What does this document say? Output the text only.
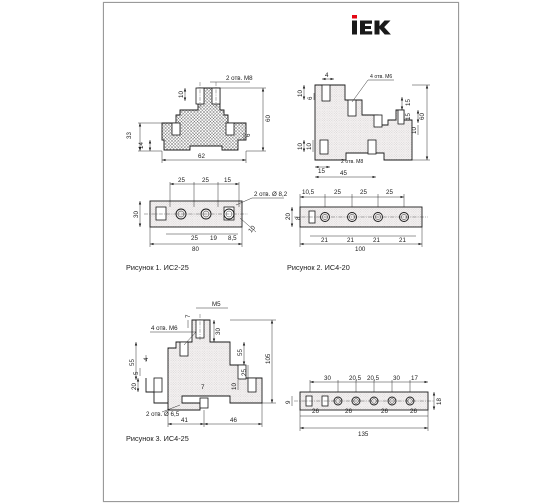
2 отв. М8
10
60
33
14
6
62
25	25 15
2 отв. Ø 8,2
30
25 19 8,5
80
10
4	4 отв. М6
10
6
10 10
15
15 60
10
15 45
2 отв. М8
10,5	25	25	25
20 8
21	21	21	21
100
М5
7
30
4 отв. М6
55 4
5
20
105
55
25
10
7
2 отв. Ø 6,5
41	46
30	20,5 20,5 30 17
9	18
26	26	26	26
135
Рисунок 1. ИС2-25	Рисунок 2. ИС4-20
Рисунок 3. ИС4-25
